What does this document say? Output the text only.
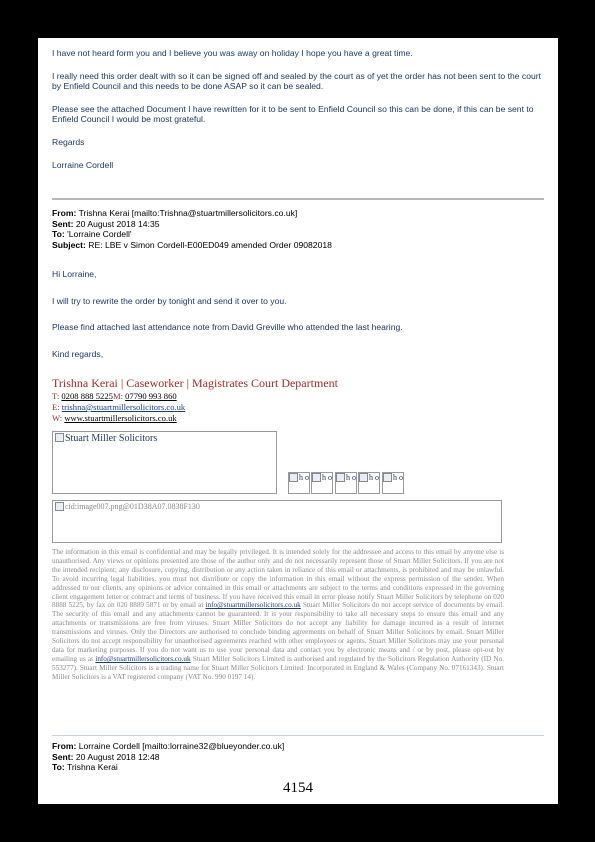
I have not heard form you and I believe you was away on holiday I hope you have a great time.
I really need this order dealt with so it can be signed off and sealed by the court as of yet the order has not been sent to the court by Enfield Council and this needs to be done ASAP so it can be sealed.
Please see the attached Document I have rewritten for it to be sent to Enfield Council so this can be done, if this can be sent to Enfield Council I would be most grateful.
Regards
Lorraine Cordell
From: Trishna Kerai [mailto:Trishna@stuartmillersolicitors.co.uk]
Sent: 20 August 2018 14:35
To: 'Lorraine Cordell'
Subject: RE: LBE v Simon Cordell-E00ED049 amended Order 09082018
Hi Lorraine,
I will try to rewrite the order by tonight and send it over to you.
Please find attached last attendance note from David Greville who attended the last hearing.
Kind regards,
Trishna Kerai | Caseworker | Magistrates Court Department
T: 0208 888 5225M: 07790 993 860
E: trishna@stuartmillersolicitors.co.uk
W: www.stuartmillersolicitors.co.uk
Stuart Miller Solicitors
h o	h o	h o	h o	h o
cid:image007.png@01D38A07.0838F130
The information in this email is confidential and may be legally privileged. It is intended solely for the addressee and access to this email by anyone else is unauthorised. Any views or opinions presented are those of the author only and do not necessarily represent those of Stuart Miller Solicitors. If you are not the intended recipient; any disclosure, copying, distribution or any action taken in reliance of this email or attachments, is prohibited and may be unlawful. To avoid incurring legal liabilities, you must not distribute or copy the information in this email without the express permission of the sender. When addressed to our clients, any opinions or advice contained in this email or attachments are subject to the terms and conditions expressed in the governing client engagement letter or contract and terms of business. If you have received this email in error please notify Stuart Miller Solicitors by telephone on 020 8888 5225, by fax on 020 8889 5871 or by email at info@stuartmillersolicitors.co.uk Stuart Miller Solicitors do not accept service of documents by email. The security of this email and any attachments cannot be guaranteed. It is your responsibility to take all necessary steps to ensure this email and any attachments or transmissions are free from viruses. Stuart Miller Solicitors do not accept any liability for damage incurred as a result of internet transmissions and viruses. Only the Directors are authorised to conclude binding agreements on behalf of Stuart Miller Solicitors by email. Stuart Miller Solicitors do not accept responsibility for unauthorised agreements reached with other employees or agents. Stuart Miller Solicitors may use your personal data for marketing purposes. If you do not want us to use your personal data and contact you by electronic means and / or by post, please opt-out by emailing us at info@stuartmillersolicitors.co.uk Stuart Miller Solicitors Limited is authorised and regulated by the Solicitors Regulation Authority (ID No. 553277). Stuart Miller Solicitors is a trading name for Stuart Miller Solicitors Limited. Incorporated in England & Wales (Company No. 07161343). Stuart Miller Solicitors is a VAT registered company (VAT No. 990 0197 14).
From: Lorraine Cordell [mailto:lorraine32@blueyonder.co.uk]
Sent: 20 August 2018 12:48
To: Trishna Kerai
4154
